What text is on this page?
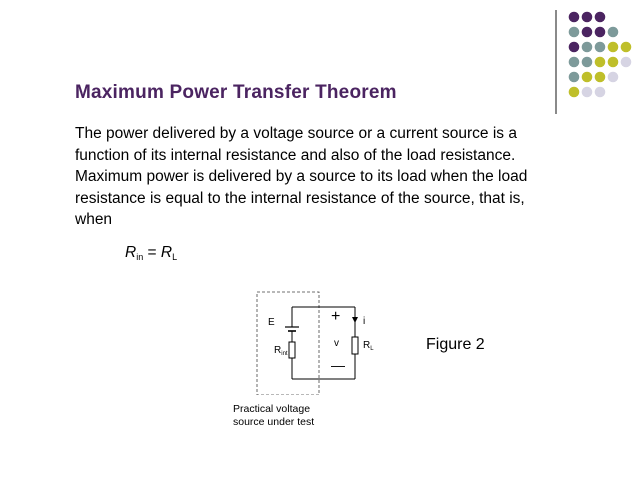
Maximum Power Transfer Theorem
The power delivered by a voltage source or a current source is a function of its internal resistance and also of the load resistance. Maximum power is delivered by a source to its load when the load resistance is equal to the internal resistance of the source, that is, when
$R_{in} = R_L$
E
$R_{int}$
+
v
—
i
$R_L$	Figure 2
Practical voltage
source under test
